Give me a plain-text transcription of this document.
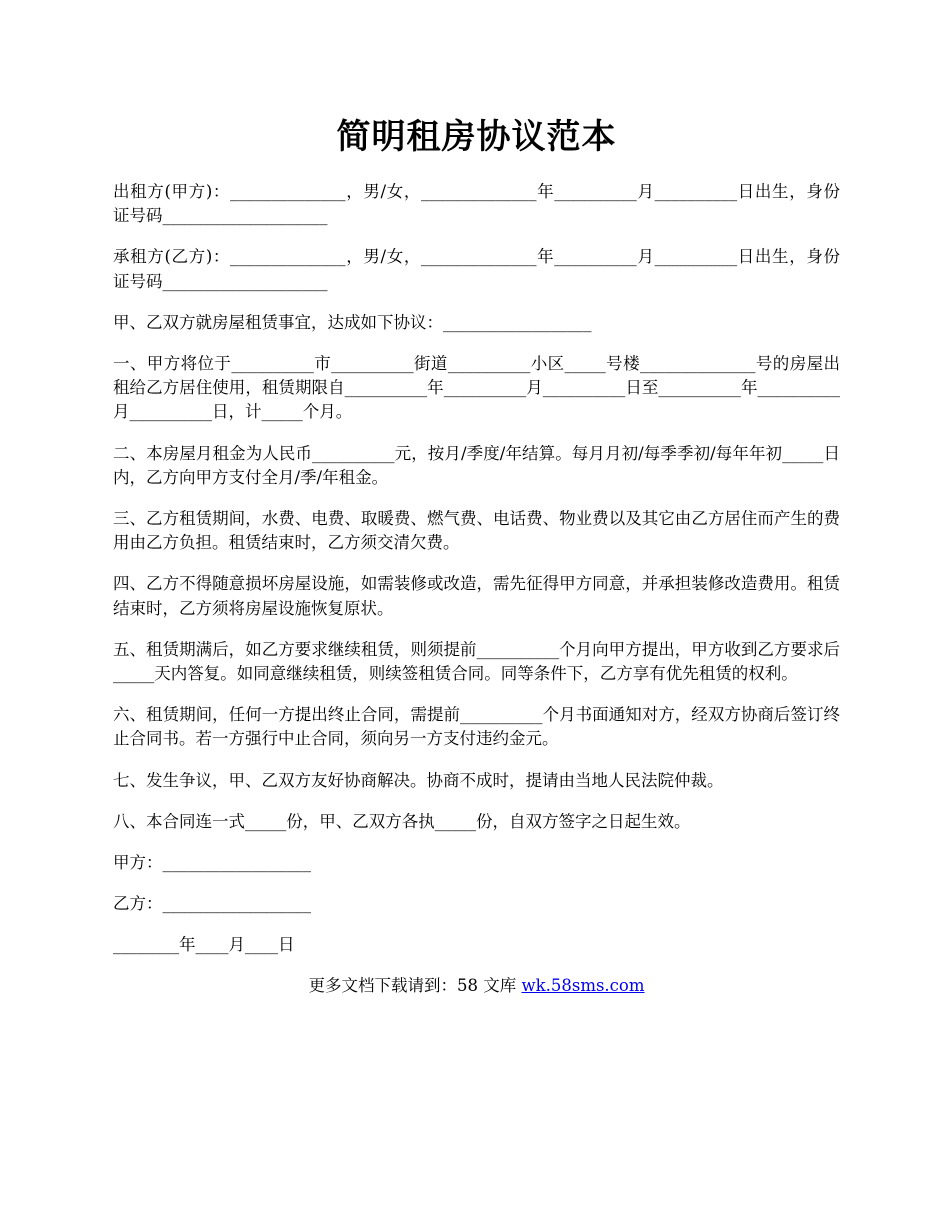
简明租房协议范本

出租方(甲方)：______________，男/女，______________年__________月__________日出生，身份证号码____________________

承租方(乙方)：______________，男/女，______________年__________月__________日出生，身份证号码____________________

甲、乙双方就房屋租赁事宜，达成如下协议：__________________

一、甲方将位于__________市__________街道__________小区_____号楼______________号的房屋出租给乙方居住使用，租赁期限自__________年__________月__________日至__________年__________月__________日，计_____个月。

二、本房屋月租金为人民币__________元，按月/季度/年结算。每月月初/每季季初/每年年初_____日内，乙方向甲方支付全月/季/年租金。

三、乙方租赁期间，水费、电费、取暖费、燃气费、电话费、物业费以及其它由乙方居住而产生的费用由乙方负担。租赁结束时，乙方须交清欠费。

四、乙方不得随意损坏房屋设施，如需装修或改造，需先征得甲方同意，并承担装修改造费用。租赁结束时，乙方须将房屋设施恢复原状。

五、租赁期满后，如乙方要求继续租赁，则须提前__________个月向甲方提出，甲方收到乙方要求后_____天内答复。如同意继续租赁，则续签租赁合同。同等条件下，乙方享有优先租赁的权利。

六、租赁期间，任何一方提出终止合同，需提前__________个月书面通知对方，经双方协商后签订终止合同书。若一方强行中止合同，须向另一方支付违约金元。

七、发生争议，甲、乙双方友好协商解决。协商不成时，提请由当地人民法院仲裁。

八、本合同连一式_____份，甲、乙双方各执_____份，自双方签字之日起生效。

甲方：__________________

乙方：__________________

________年____月____日

更多文档下载请到：58 文库 wk.58sms.com
